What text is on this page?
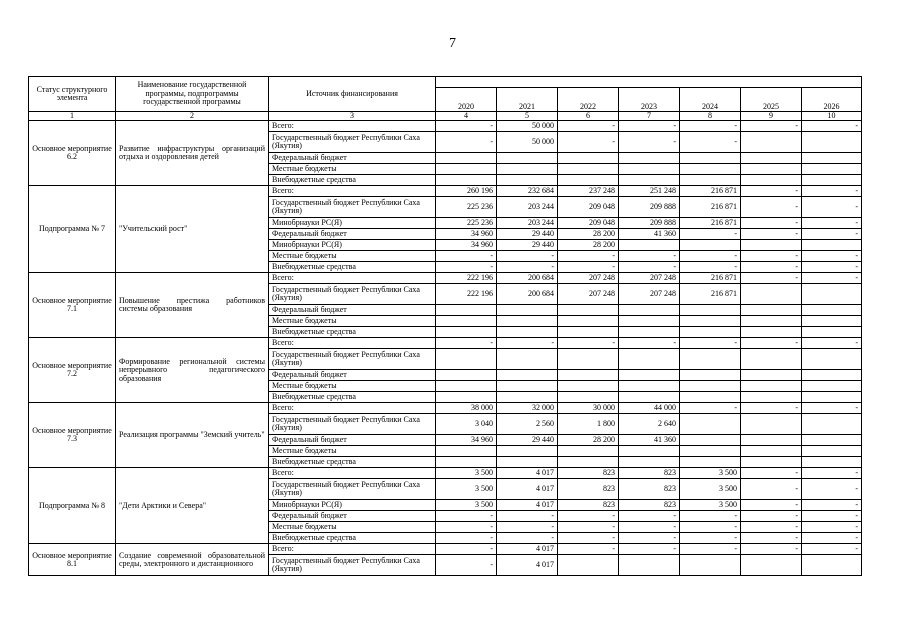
7
Статус структурного элемента	Наименование государственной программы, подпрограммы государственной программы	Источник финансирования							
			2020	2021	2022	2023	2024	2025	2026
1	2	3	4	5	6	7	8	9	10
Основное мероприятие 6.2	Развитие инфраструктуры организаций отдыха и оздоровления детей	Всего:	-	50 000	-	-	-	-	-
		Государственный бюджет Республики Саха (Якутия)	-	50 000	-	-	-		
		Федеральный бюджет							
		Местные бюджеты							
		Внебюджетные средства							
Подпрограмма № 7	"Учительский рост"	Всего:	260 196	232 684	237 248	251 248	216 871	-	-
		Государственный бюджет Республики Саха (Якутия)	225 236	203 244	209 048	209 888	216 871	-	-
		Минобрнауки РС(Я)	225 236	203 244	209 048	209 888	216 871	-	-
		Федеральный бюджет	34 960	29 440	28 200	41 360	-	-	-
		Минобрнауки РС(Я)	34 960	29 440	28 200				
		Местные бюджеты	-	-	-	-	-	-	-
		Внебюджетные средства	-	-	-	-	-	-	-
Основное мероприятие 7.1	Повышение престижа работников системы образования	Всего:	222 196	200 684	207 248	207 248	216 871	-	-
		Государственный бюджет Республики Саха (Якутия)	222 196	200 684	207 248	207 248	216 871		
		Федеральный бюджет							
		Местные бюджеты							
		Внебюджетные средства							
Основное мероприятие 7.2	Формирование региональной системы непрерывного педагогического образования	Всего:	-	-	-	-	-	-	-
		Государственный бюджет Республики Саха (Якутия)							
		Федеральный бюджет							
		Местные бюджеты							
		Внебюджетные средства							
Основное мероприятие 7.3	Реализация программы "Земский учитель"	Всего:	38 000	32 000	30 000	44 000	-	-	-
		Государственный бюджет Республики Саха (Якутия)	3 040	2 560	1 800	2 640			
		Федеральный бюджет	34 960	29 440	28 200	41 360			
		Местные бюджеты							
		Внебюджетные средства							
Подпрограмма № 8	"Дети Арктики и Севера"	Всего:	3 500	4 017	823	823	3 500	-	-
		Государственный бюджет Республики Саха (Якутия)	3 500	4 017	823	823	3 500	-	-
		Минобрнауки РС(Я)	3 500	4 017	823	823	3 500	-	-
		Федеральный бюджет	-	-	-	-	-	-	-
		Местные бюджеты	-	-	-	-	-	-	-
		Внебюджетные средства	-	-	-	-	-	-	-
Основное мероприятие 8.1	Создание современной образовательной среды, электронного и дистанционного	Всего:	-	4 017	-	-	-	-	-
		Государственный бюджет Республики Саха (Якутия)	-	4 017					
